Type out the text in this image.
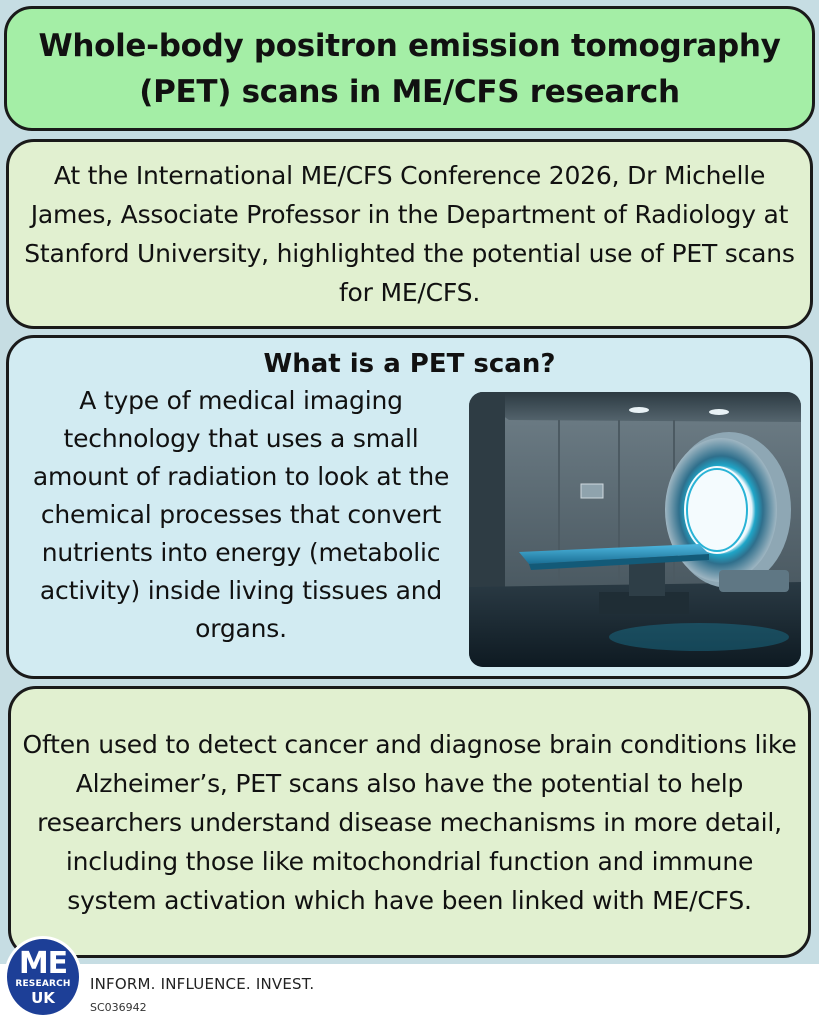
Whole-body positron emission tomography (PET) scans in ME/CFS research

At the International ME/CFS Conference 2026, Dr Michelle James, Associate Professor in the Department of Radiology at Stanford University, highlighted the potential use of PET scans for ME/CFS.

What is a PET scan?
A type of medical imaging technology that uses a small amount of radiation to look at the chemical processes that convert nutrients into energy (metabolic activity) inside living tissues and organs.

Often used to detect cancer and diagnose brain conditions like Alzheimer’s, PET scans also have the potential to help researchers understand disease mechanisms in more detail, including those like mitochondrial function and immune system activation which have been linked with ME/CFS.

ME
RESEARCH
UK
INFORM. INFLUENCE. INVEST.
SC036942
